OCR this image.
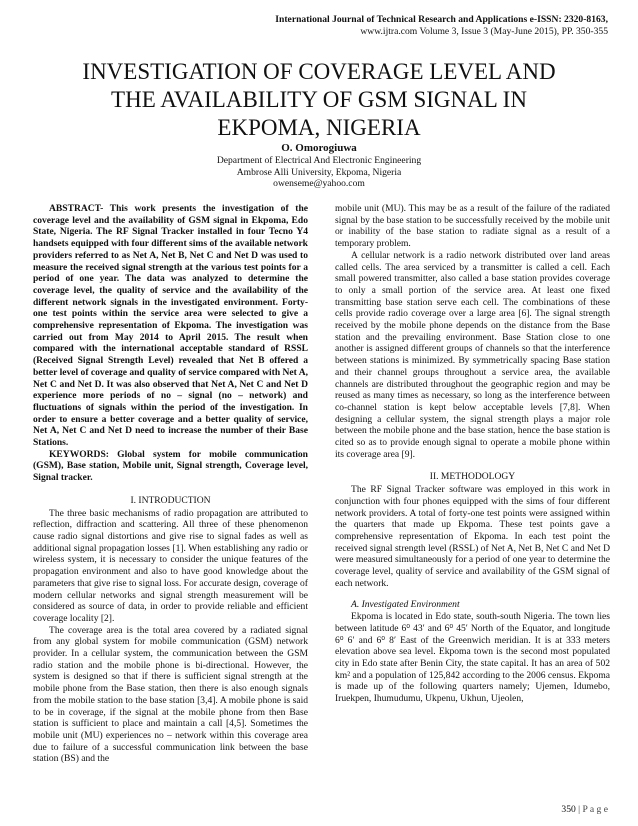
International Journal of Technical Research and Applications e-ISSN: 2320-8163,
www.ijtra.com Volume 3, Issue 3 (May-June 2015), PP. 350-355
INVESTIGATION OF COVERAGE LEVEL AND
THE AVAILABILITY OF GSM SIGNAL IN
EKPOMA, NIGERIA
O. Omorogiuwa
Department of Electrical And Electronic Engineering
Ambrose Alli University, Ekpoma, Nigeria
owenseme@yahoo.com

ABSTRACT- This work presents the investigation of the coverage level and the availability of GSM signal in Ekpoma, Edo State, Nigeria. The RF Signal Tracker installed in four Tecno Y4 handsets equipped with four different sims of the available network providers referred to as Net A, Net B, Net C and Net D was used to measure the received signal strength at the various test points for a period of one year. The data was analyzed to determine the coverage level, the quality of service and the availability of the different network signals in the investigated environment. Forty- one test points within the service area were selected to give a comprehensive representation of Ekpoma. The investigation was carried out from May 2014 to April 2015. The result when compared with the international acceptable standard of RSSL (Received Signal Strength Level) revealed that Net B offered a better level of coverage and quality of service compared with Net A, Net C and Net D. It was also observed that Net A, Net C and Net D experience more periods of no – signal (no – network) and fluctuations of signals within the period of the investigation. In order to ensure a better coverage and a better quality of service, Net A, Net C and Net D need to increase the number of their Base Stations.

KEYWORDS: Global system for mobile communication (GSM), Base station, Mobile unit, Signal strength, Coverage level, Signal tracker.

I. INTRODUCTION

The three basic mechanisms of radio propagation are attributed to reflection, diffraction and scattering. All three of these phenomenon cause radio signal distortions and give rise to signal fades as well as additional signal propagation losses [1]. When establishing any radio or wireless system, it is necessary to consider the unique features of the propagation environment and also to have good knowledge about the parameters that give rise to signal loss. For accurate design, coverage of modern cellular networks and signal strength measurement will be considered as source of data, in order to provide reliable and efficient coverage locality [2].

The coverage area is the total area covered by a radiated signal from any global system for mobile communication (GSM) network provider. In a cellular system, the communication between the GSM radio station and the mobile phone is bi-directional. However, the system is designed so that if there is sufficient signal strength at the mobile phone from the Base station, then there is also enough signals from the mobile station to the base station [3,4]. A mobile phone is said to be in coverage, if the signal at the mobile phone from then Base station is sufficient to place and maintain a call [4,5]. Sometimes the mobile unit (MU) experiences no – network within this coverage area due to failure of a successful communication link between the base station (BS) and the

mobile unit (MU). This may be as a result of the failure of the radiated signal by the base station to be successfully received by the mobile unit or inability of the base station to radiate signal as a result of a temporary problem.

A cellular network is a radio network distributed over land areas called cells. The area serviced by a transmitter is called a cell. Each small powered transmitter, also called a base station provides coverage to only a small portion of the service area. At least one fixed transmitting base station serve each cell. The combinations of these cells provide radio coverage over a large area [6]. The signal strength received by the mobile phone depends on the distance from the Base station and the prevailing environment. Base Station close to one another is assigned different groups of channels so that the interference between stations is minimized. By symmetrically spacing Base station and their channel groups throughout a service area, the available channels are distributed throughout the geographic region and may be reused as many times as necessary, so long as the interference between co-channel station is kept below acceptable levels [7,8]. When designing a cellular system, the signal strength plays a major role between the mobile phone and the base station, hence the base station is cited so as to provide enough signal to operate a mobile phone within its coverage area [9].

II. METHODOLOGY

The RF Signal Tracker software was employed in this work in conjunction with four phones equipped with the sims of four different network providers. A total of forty-one test points were assigned within the quarters that made up Ekpoma. These test points gave a comprehensive representation of Ekpoma. In each test point the received signal strength level (RSSL) of Net A, Net B, Net C and Net D were measured simultaneously for a period of one year to determine the coverage level, quality of service and availability of the GSM signal of each network.

A. Investigated Environment

Ekpoma is located in Edo state, south-south Nigeria. The town lies between latitude 6⁰ 43′ and 6⁰ 45′ North of the Equator, and longitude 6⁰ 6′ and 6⁰ 8′ East of the Greenwich meridian. It is at 333 meters elevation above sea level. Ekpoma town is the second most populated city in Edo state after Benin City, the state capital. It has an area of 502 km² and a population of 125,842 according to the 2006 census. Ekpoma is made up of the following quarters namely; Ujemen, Idumebo, Iruekpen, Ihumudumu, Ukpenu, Ukhun, Ujeolen,

350 | P a g e
